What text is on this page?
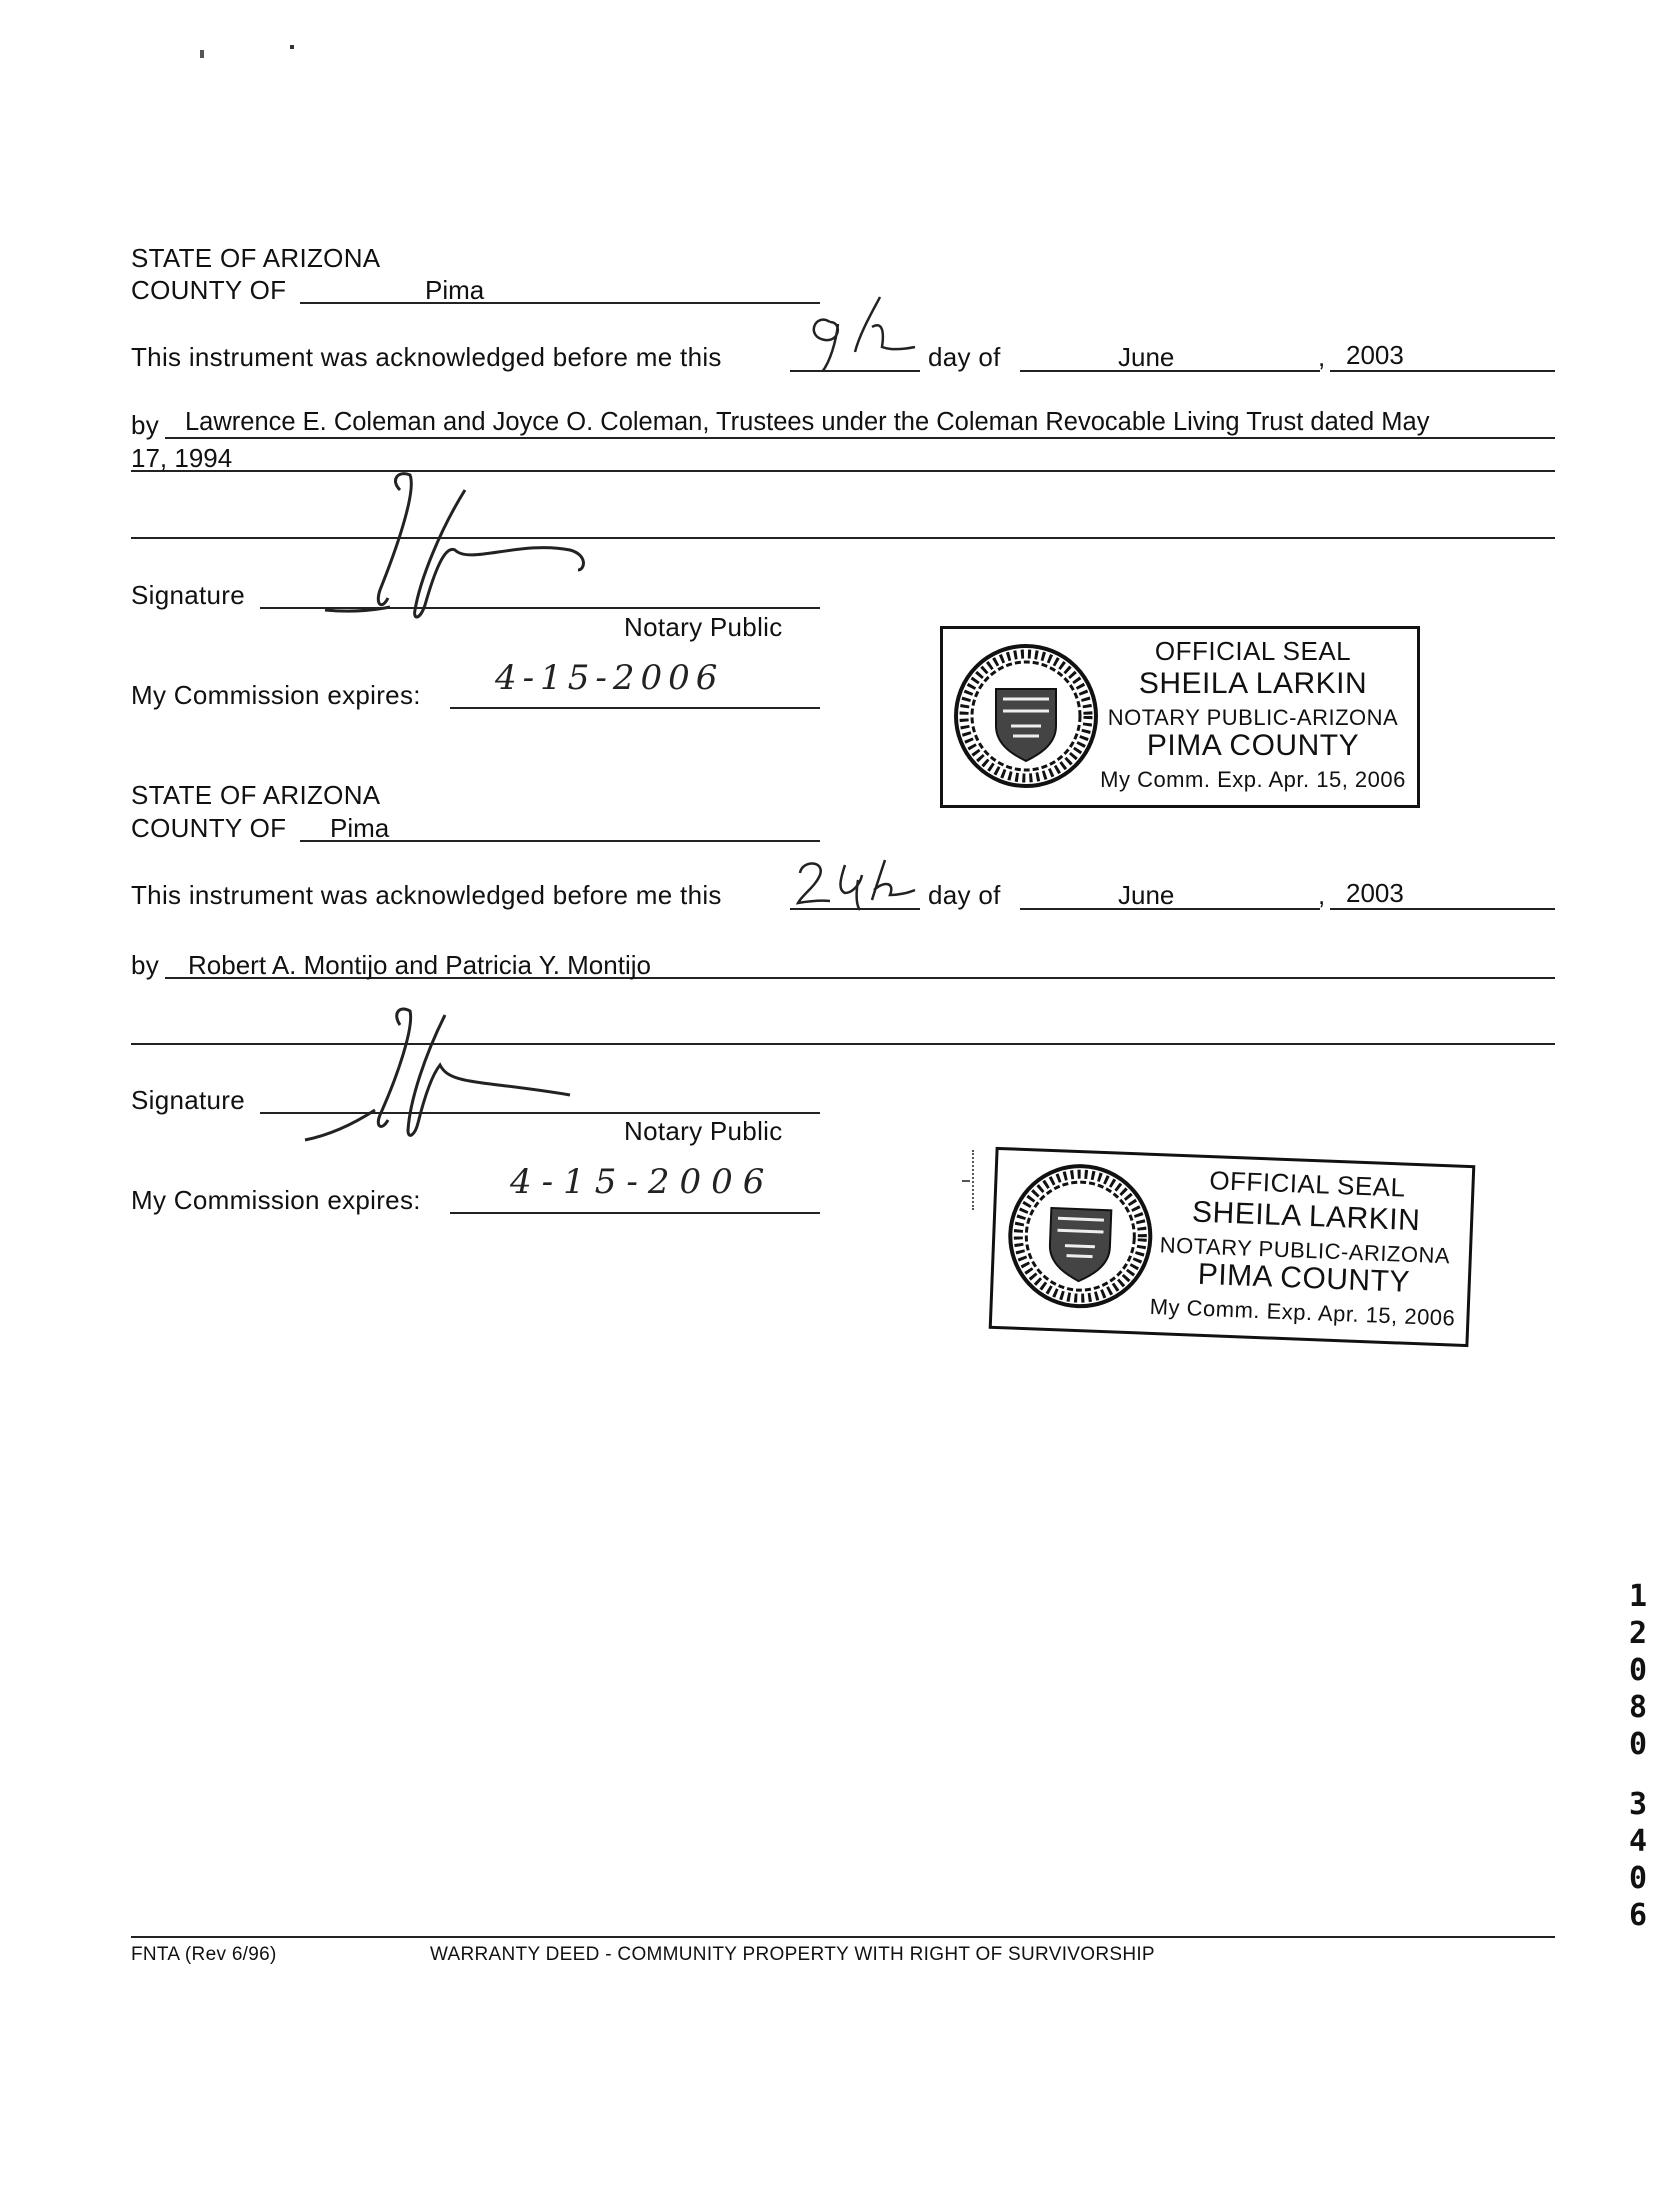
STATE OF ARIZONA
COUNTY OF	Pima
This instrument was acknowledged before me this	day of	June	, 2003
by Lawrence E. Coleman and Joyce O. Coleman, Trustees under the Coleman Revocable Living Trust dated May
17, 1994
Signature
Notary Public
My Commission expires: 4-15-2006
OFFICIAL SEAL
SHEILA LARKIN
NOTARY PUBLIC-ARIZONA
PIMA COUNTY
My Comm. Exp. Apr. 15, 2006
STATE OF ARIZONA
COUNTY OF Pima
This instrument was acknowledged before me this	day of	June	, 2003
by Robert A. Montijo and Patricia Y. Montijo
Signature
Notary Public
My Commission expires:	4-15-2006	OFFICIAL SEAL
SHEILA LARKIN
NOTARY PUBLIC-ARIZONA
PIMA COUNTY
My Comm. Exp. Apr. 15, 2006
1
2
0
8
0
3
4
0
6
FNTA (Rev 6/96)	WARRANTY DEED - COMMUNITY PROPERTY WITH RIGHT OF SURVIVORSHIP
